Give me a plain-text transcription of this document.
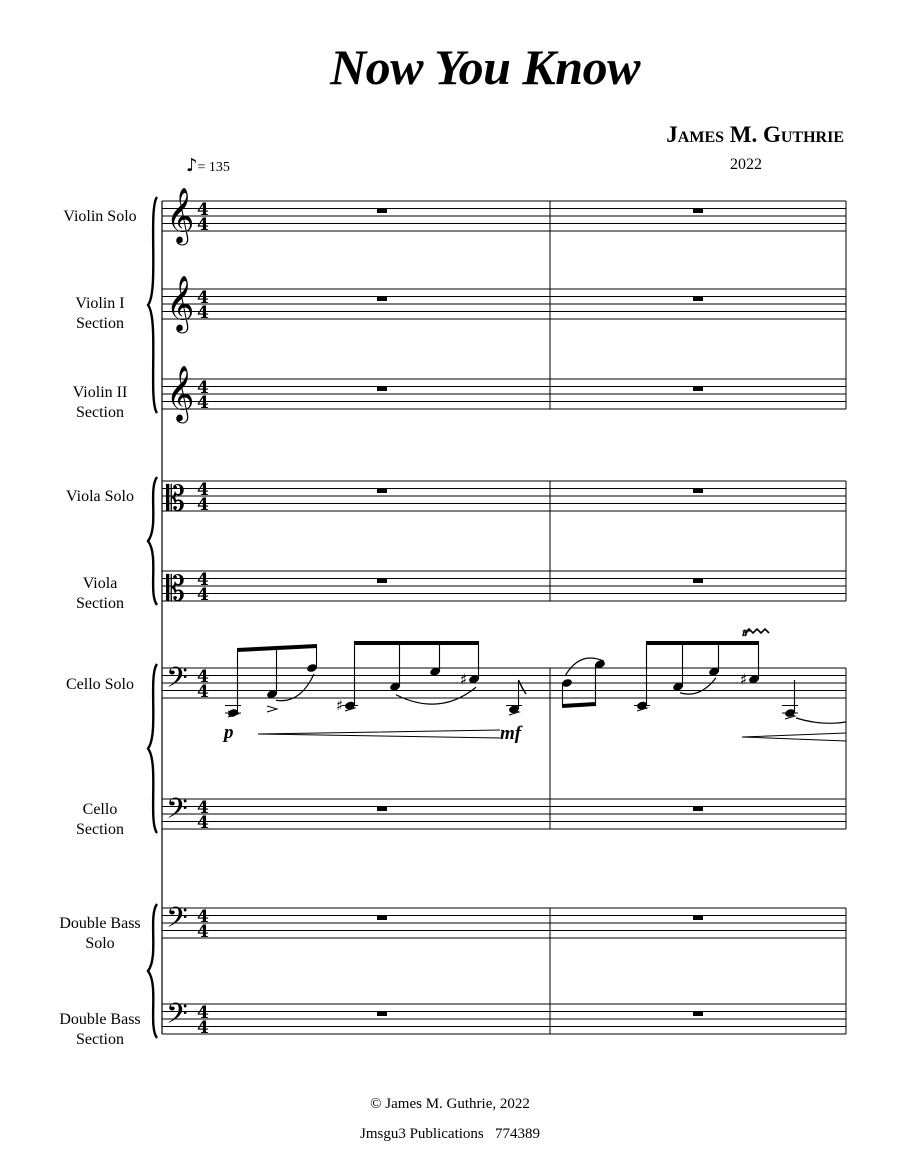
Now You Know
James M. Guthrie
2022
♪= 135
Violin Solo

Violin I
Section
Violin II
Section
Viola Solo

Viola
Section
Cello Solo

Cello
Section
Double Bass
Solo
Double Bass
Section
𝄞 4
4
𝄞 4
4
𝄞 4
4
𝄡 4
4
𝄡 4
4
𝄢 4
4
𝄢 4
4
𝄢 4
4
𝄢 4
4
♯
♯
p	mf
♯
𝆖
© James M. Guthrie, 2022
Jmsgu3 Publications   774389
